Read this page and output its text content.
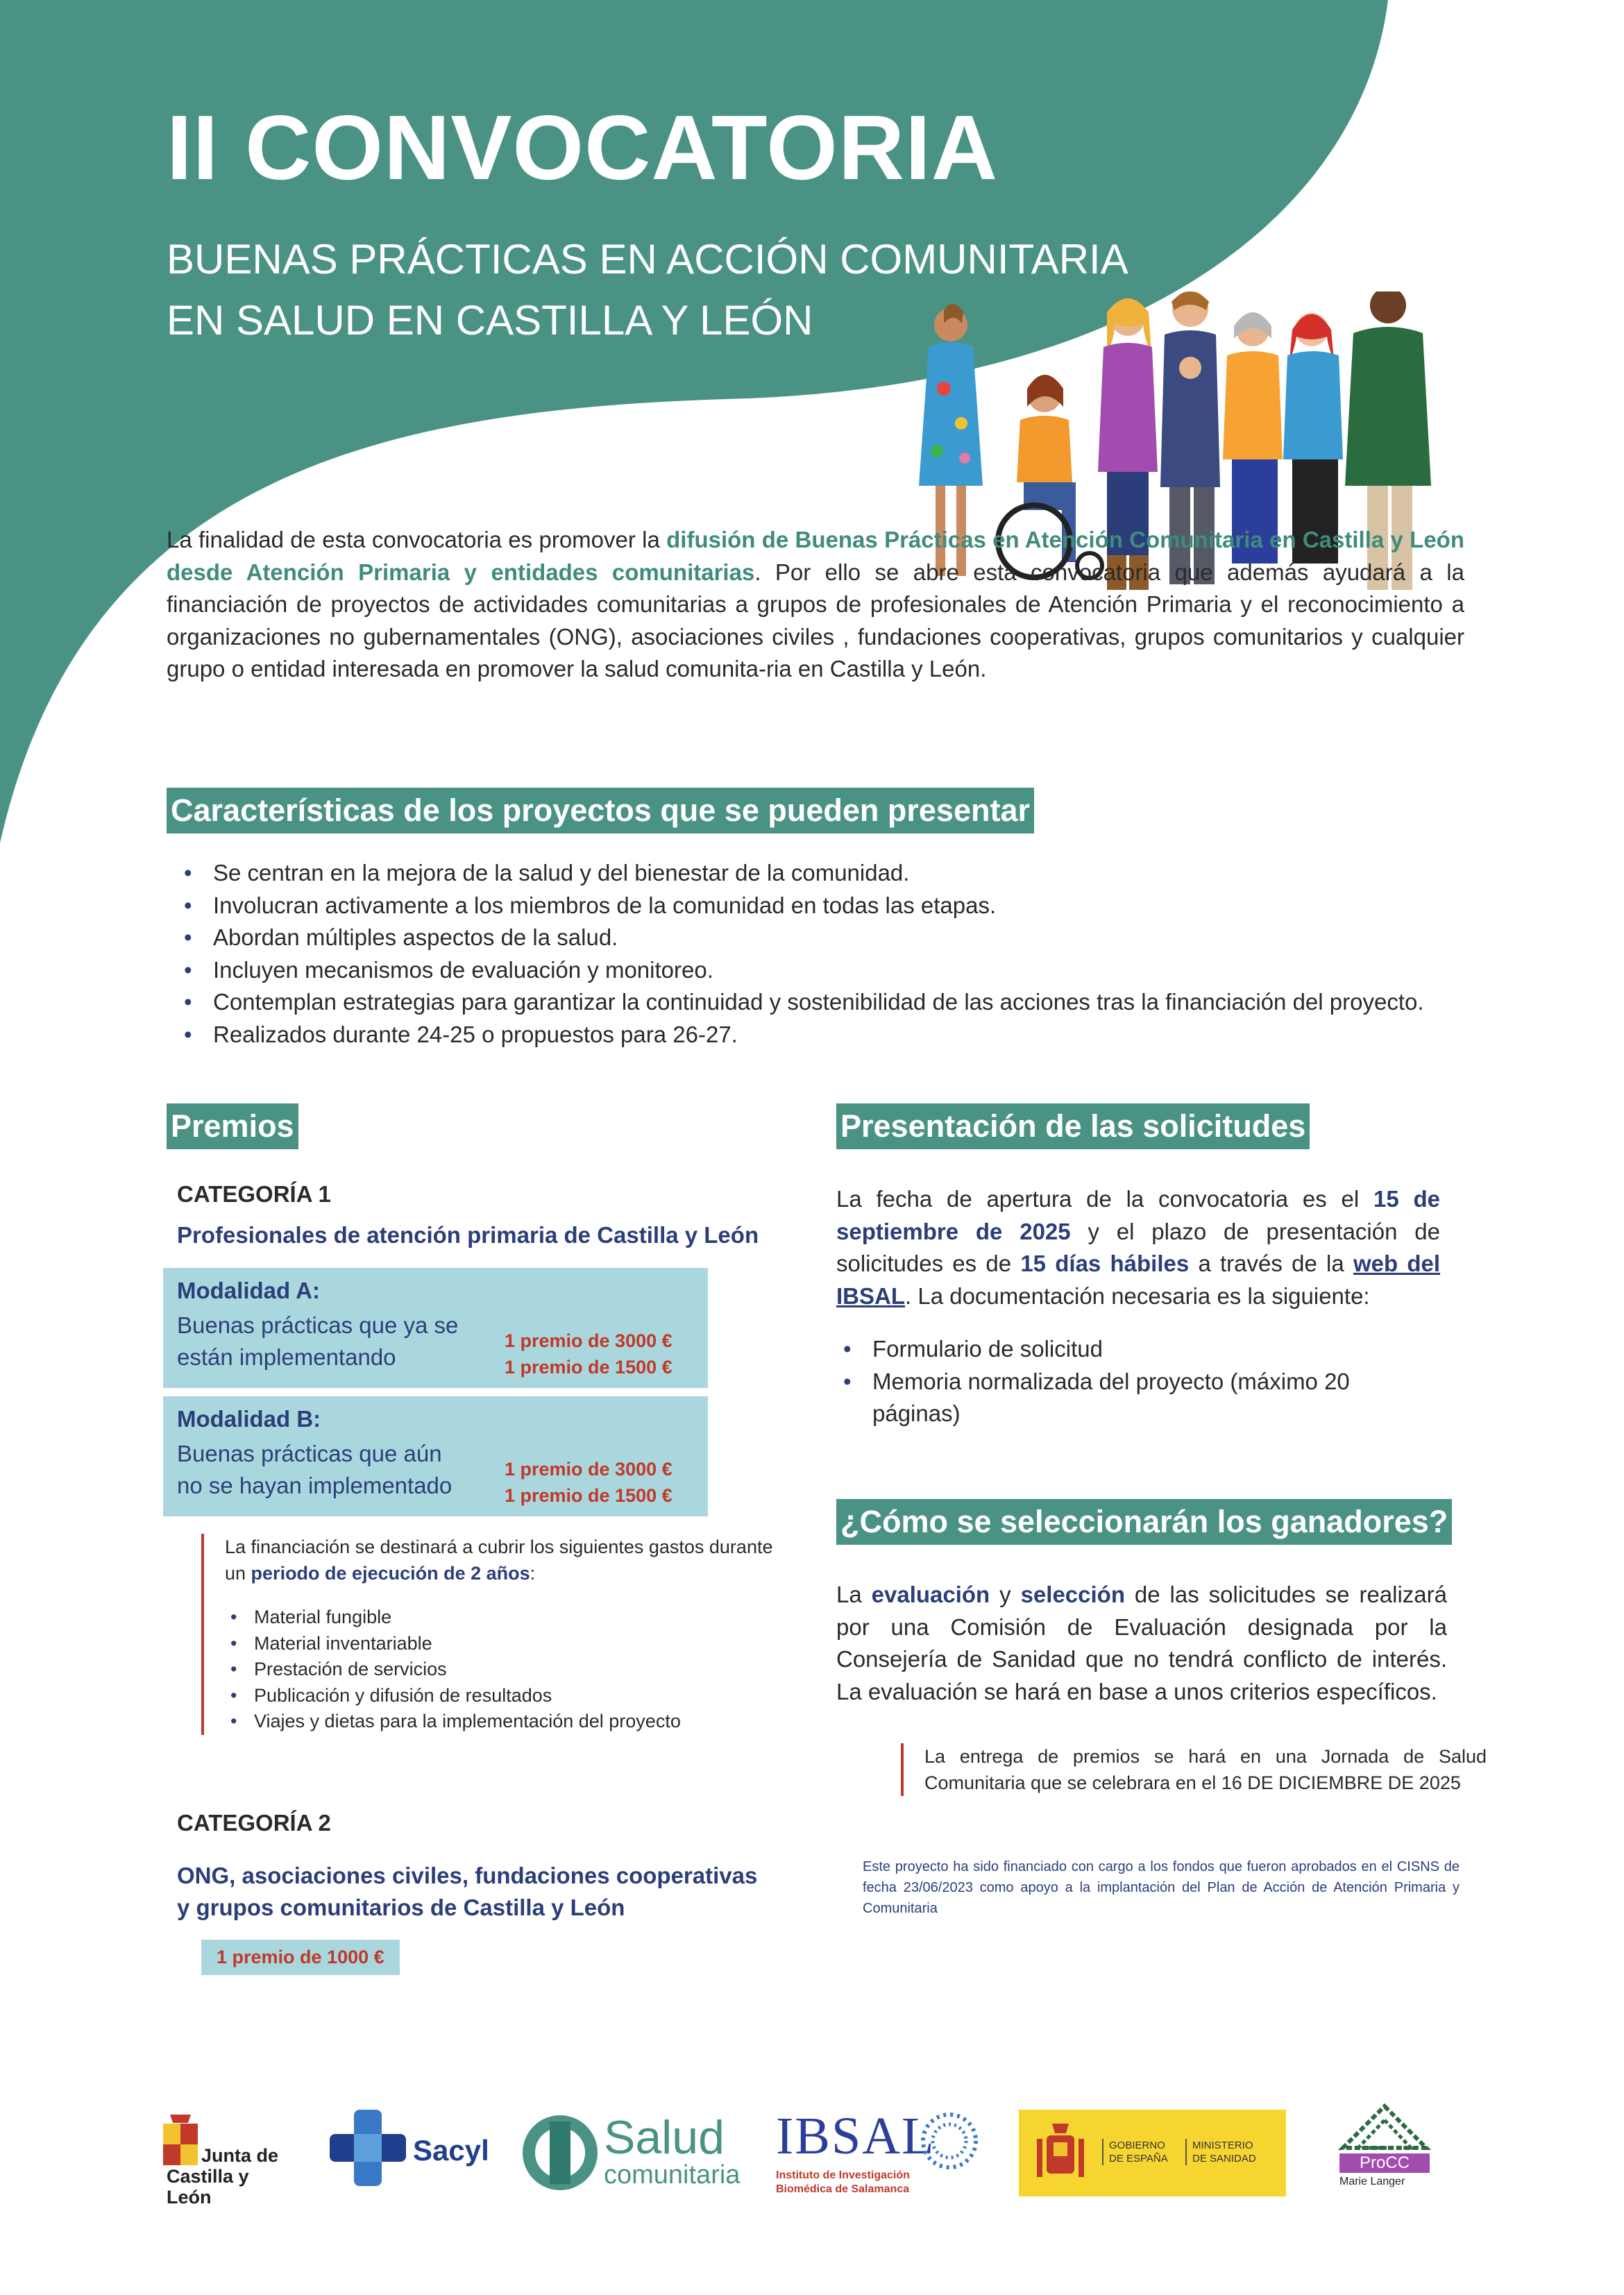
II CONVOCATORIA
BUENAS PRÁCTICAS EN ACCIÓN COMUNITARIA
EN SALUD EN CASTILLA Y LEÓN
La finalidad de esta convocatoria es promover la difusión de Buenas Prácticas en Atención Comunitaria en Castilla y León desde Atención Primaria y entidades comunitarias. Por ello se abre esta convocatoria que además ayudará a la financiación de proyectos de actividades comunitarias a grupos de profesionales de Atención Primaria y el reconocimiento a organizaciones no gubernamentales (ONG), asociaciones civiles , fundaciones cooperativas, grupos comunitarios y cualquier grupo o entidad interesada en promover la salud comunita-ria en Castilla y León.
Características de los proyectos que se pueden presentar
• Se centran en la mejora de la salud y del bienestar de la comunidad.
• Involucran activamente a los miembros de la comunidad en todas las etapas.
• Abordan múltiples aspectos de la salud.
• Incluyen mecanismos de evaluación y monitoreo.
• Contemplan estrategias para garantizar la continuidad y sostenibilidad de las acciones tras la financiación del proyecto.
• Realizados durante 24-25 o propuestos para 26-27.
Premios
CATEGORÍA 1
Profesionales de atención primaria de Castilla y León
Modalidad A:
Buenas prácticas que ya se están implementando
1 premio de 3000 €
1 premio de 1500 €
Modalidad B:
Buenas prácticas que aún no se hayan implementado
1 premio de 3000 €
1 premio de 1500 €
La financiación se destinará a cubrir los siguientes gastos durante un periodo de ejecución de 2 años:
• Material fungible
• Material inventariable
• Prestación de servicios
• Publicación y difusión de resultados
• Viajes y dietas para la implementación del proyecto
CATEGORÍA 2
ONG, asociaciones civiles, fundaciones cooperativas y grupos comunitarios de Castilla y León
1 premio de 1000 €
Presentación de las solicitudes
La fecha de apertura de la convocatoria es el 15 de septiembre de 2025 y el plazo de presentación de solicitudes es de 15 días hábiles a través de la web del IBSAL. La documentación necesaria es la siguiente:
• Formulario de solicitud
• Memoria normalizada del proyecto (máximo 20 páginas)
¿Cómo se seleccionarán los ganadores?
La evaluación y selección de las solicitudes se realizará por una Comisión de Evaluación designada por la Consejería de Sanidad que no tendrá conflicto de interés. La evaluación se hará en base a unos criterios específicos.
La entrega de premios se hará en una Jornada de Salud Comunitaria que se celebrara en el 16 DE DICIEMBRE DE 2025
Este proyecto ha sido financiado con cargo a los fondos que fueron aprobados en el CISNS de fecha 23/06/2023 como apoyo a la implantación del Plan de Acción de Atención Primaria y Comunitaria
Junta de
Castilla y León
Sacyl Salud
comunitaria
IBSAL
Instituto de Investigación
Biomédica de Salamanca
GOBIERNO
DE ESPAÑA
MINISTERIO
DE SANIDAD	ProCC
Marie Langer
